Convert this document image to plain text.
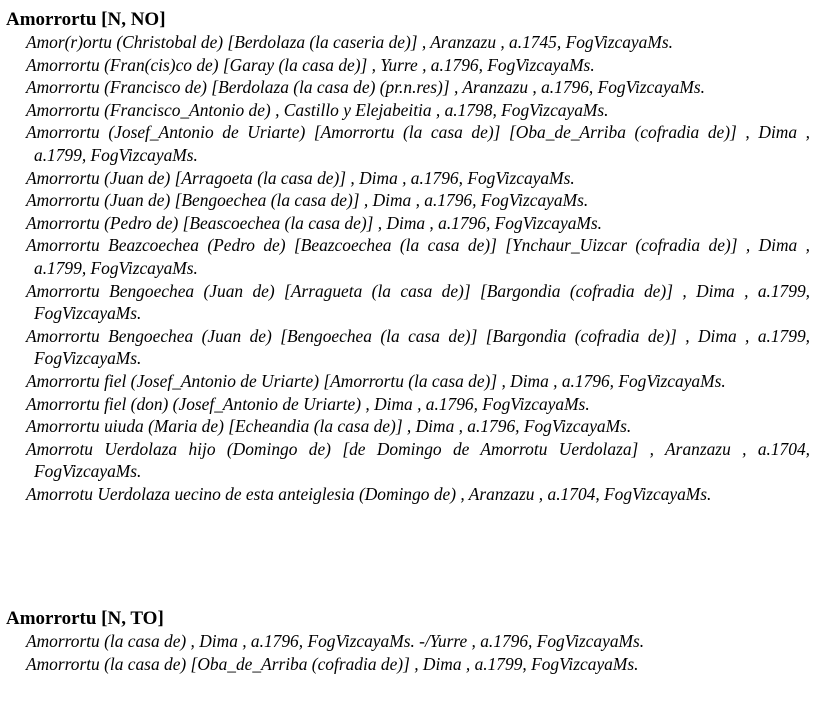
Amorrortu [N, NO]
Amor(r)ortu (Christobal de) [Berdolaza (la caseria de)] , Aranzazu , a.1745, FogVizcayaMs.
Amorrortu (Fran(cis)co de) [Garay (la casa de)] , Yurre , a.1796, FogVizcayaMs.
Amorrortu (Francisco de) [Berdolaza (la casa de) (pr.n.res)] , Aranzazu , a.1796, FogVizcayaMs.
Amorrortu (Francisco_Antonio de) , Castillo y Elejabeitia , a.1798, FogVizcayaMs.
Amorrortu (Josef_Antonio de Uriarte) [Amorrortu (la casa de)] [Oba_de_Arriba (cofradia de)] , Dima , a.1799, FogVizcayaMs.
Amorrortu (Juan de) [Arragoeta (la casa de)] , Dima , a.1796, FogVizcayaMs.
Amorrortu (Juan de) [Bengoechea (la casa de)] , Dima , a.1796, FogVizcayaMs.
Amorrortu (Pedro de) [Beascoechea (la casa de)] , Dima , a.1796, FogVizcayaMs.
Amorrortu Beazcoechea (Pedro de) [Beazcoechea (la casa de)] [Ynchaur_Uizcar (cofradia de)] , Dima , a.1799, FogVizcayaMs.
Amorrortu Bengoechea (Juan de) [Arragueta (la casa de)] [Bargondia (cofradia de)] , Dima , a.1799, FogVizcayaMs.
Amorrortu Bengoechea (Juan de) [Bengoechea (la casa de)] [Bargondia (cofradia de)] , Dima , a.1799, FogVizcayaMs.
Amorrortu fiel (Josef_Antonio de Uriarte) [Amorrortu (la casa de)] , Dima , a.1796, FogVizcayaMs.
Amorrortu fiel (don) (Josef_Antonio de Uriarte) , Dima , a.1796, FogVizcayaMs.
Amorrortu uiuda (Maria de) [Echeandia (la casa de)] , Dima , a.1796, FogVizcayaMs.
Amorrotu Uerdolaza hijo (Domingo de) [de Domingo de Amorrotu Uerdolaza] , Aranzazu , a.1704, FogVizcayaMs.
Amorrotu Uerdolaza uecino de esta anteiglesia (Domingo de) , Aranzazu , a.1704, FogVizcayaMs.
Amorrortu [N, TO]
Amorrortu (la casa de) , Dima , a.1796, FogVizcayaMs. -/Yurre , a.1796, FogVizcayaMs.
Amorrortu (la casa de) [Oba_de_Arriba (cofradia de)] , Dima , a.1799, FogVizcayaMs.
